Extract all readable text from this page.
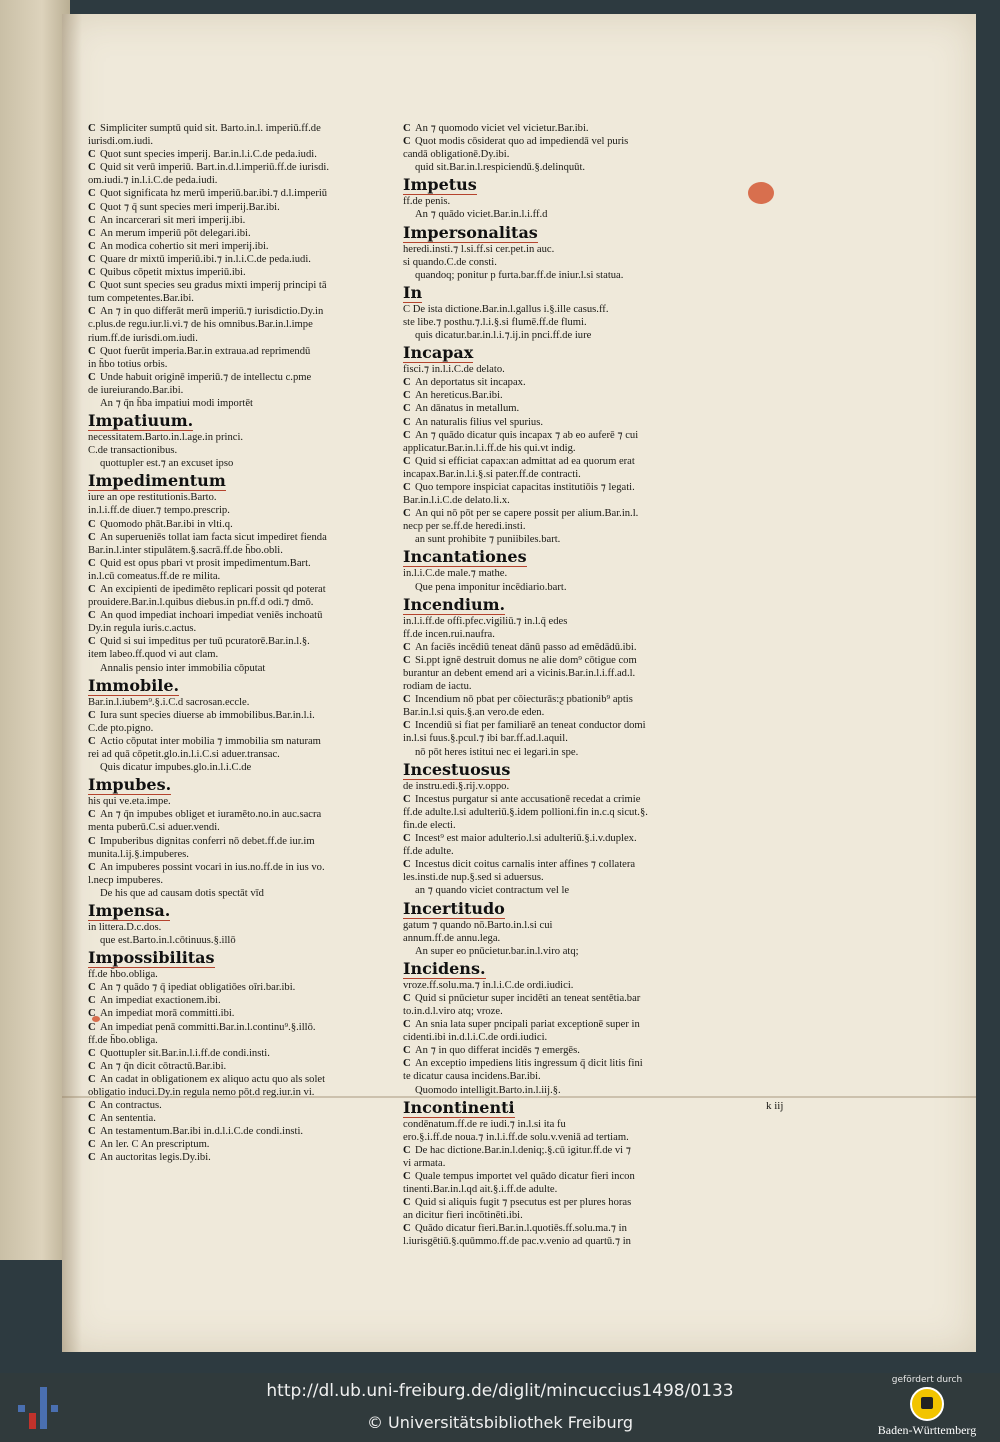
k iij
C Simpliciter sumptū quid sit. Barto.in.l. imperiū.ff.de
iurisdi.om.iudi.
C Quot sunt species imperij. Bar.in.l.i.C.de peda.iudi.
C Quid sit verū imperiū. Bart.in.d.l.imperiū.ff.de iurisdi.
om.iudi.⁊ in.l.i.C.de peda.iudi.
C Quot significata hz merū imperiū.bar.ibi.⁊ d.l.imperiū
C Quot ⁊ q̄ sunt species meri imperij.Bar.ibi.
C An incarcerari sit meri imperij.ibi.
C An merum imperiū pōt delegari.ibi.
C An modica cohertio sit meri imperij.ibi.
C Quare dr mixtū imperiū.ibi.⁊ in.l.i.C.de peda.iudi.
C Quibus cōpetit mixtus imperiū.ibi.
C Quot sunt species seu gradus mixti imperij principi tā
tum competentes.Bar.ibi.
C An ⁊ in quo differāt merū imperiū.⁊ iurisdictio.Dy.in
c.plus.de regu.iur.li.vi.⁊ de his omnibus.Bar.in.l.impe
rium.ff.de iurisdi.om.iudi.
C Quot fuerūt imperia.Bar.in extraua.ad reprimendū
in h̄bo totius orbis.
C Unde habuit originē imperiū.⁊ de intellectu c.pme
de iureiurando.Bar.ibi.
An ⁊ q̄n h̄ba impatiui modi importēt
Impatiuum.
necessitatem.Barto.in.l.age.in princi.
C.de transactionibus.
quottupler est.⁊ an excuset ipso
Impedimentum
iure an ope restitutionis.Barto.
in.l.i.ff.de diuer.⁊ tempo.prescrip.
C Quomodo phāt.Bar.ibi in vlti.q.
C An superueniēs tollat iam facta sicut impediret fienda
Bar.in.l.inter stipulātem.§.sacrā.ff.de h̄bo.obli.
C Quid est opus pbari vt prosit impedimentum.Bart.
in.l.cū comeatus.ff.de re milita.
C An excipienti de ipedimēto replicari possit qd poterat
prouidere.Bar.in.l.quibus diebus.in pn.ff.d odi.⁊ dmō.
C An quod impediat inchoari impediat veniēs inchoatū
Dy.in regula iuris.c.actus.
C Quid si sui impeditus per tuū pcuratorē.Bar.in.l.§.
item labeo.ff.quod vi aut clam.
Annalis pensio inter immobilia cōputat
Immobile.
Bar.in.l.iubem⁹.§.i.C.d sacrosan.eccle.
C Iura sunt species diuerse ab immobilibus.Bar.in.l.i.
C.de pto.pigno.
C Actio cōputat inter mobilia ⁊ immobilia sm naturam
rei ad quā cōpetit.glo.in.l.i.C.si aduer.transac.
Quis dicatur impubes.glo.in.l.i.C.de
Impubes.
his qui ve.eta.impe.
C An ⁊ q̄n impubes obliget et iuramēto.no.in auc.sacra
menta puberū.C.si aduer.vendi.
C Impuberibus dignitas conferri nō debet.ff.de iur.im
munita.l.ij.§.impuberes.
C An impuberes possint vocari in ius.no.ff.de in ius vo.
l.necp impuberes.
De his que ad causam dotis spectāt vīd
Impensa.
in littera.D.c.dos.
que est.Barto.in.l.cōtinuus.§.illō
Impossibilitas
ff.de h̄bo.obliga.
C An ⁊ quādo ⁊ q̄ ipediat obligatiōes oīri.bar.ibi.
C An impediat exactionem.ibi.
C An impediat morā committi.ibi.
C An impediat penā committi.Bar.in.l.continu⁹.§.illō.
ff.de h̄bo.obliga.
C Quottupler sit.Bar.in.l.i.ff.de condi.insti.
C An ⁊ q̄n dicit cōtractū.Bar.ibi.
C An cadat in obligationem ex aliquo actu quo als solet
obligatio induci.Dy.in regula nemo pōt.d reg.iur.in vi.
C An contractus.
C An sententia.
C An testamentum.Bar.ibi in.d.l.i.C.de condi.insti.
C An ler. C An prescriptum.
C An auctoritas legis.Dy.ibi.
C An ⁊ quomodo viciet vel vicietur.Bar.ibi.
C Quot modis cōsiderat quo ad impediendā vel puris
candā obligationē.Dy.ibi.
quid sit.Bar.in.l.respiciendū.§.delinquūt.
Impetus
ff.de penis.
An ⁊ quādo viciet.Bar.in.l.i.ff.d
Impersonalitas
heredi.insti.⁊ l.si.ff.si cer.pet.in auc.
si quando.C.de consti.
quandoq; ponitur p furta.bar.ff.de iniur.l.si statua.
In
C De ista dictione.Bar.in.l.gallus i.§.ille casus.ff.
ste libe.⁊ posthu.⁊.l.i.§.si flumē.ff.de flumi.
quis dicatur.bar.in.l.i.⁊.ij.in pnci.ff.de iure
Incapax
fisci.⁊ in.l.i.C.de delato.
C An deportatus sit incapax.
C An hereticus.Bar.ibi.
C An dānatus in metallum.
C An naturalis filius vel spurius.
C An ⁊ quādo dicatur quis incapax ⁊ ab eo auferē ⁊ cui
applicatur.Bar.in.l.i.ff.de his qui.vt indig.
C Quid si efficiat capax:an admittat ad ea quorum erat
incapax.Bar.in.l.i.§.si pater.ff.de contracti.
C Quo tempore inspiciat capacitas institutiōis ⁊ legati.
Bar.in.l.i.C.de delato.li.x.
C An qui nō pōt per se capere possit per alium.Bar.in.l.
necp per se.ff.de heredi.insti.
an sunt prohibite ⁊ puniibiles.bart.
Incantationes
in.l.i.C.de male.⁊ mathe.
Que pena imponitur incēdiario.bart.
Incendium.
in.l.i.ff.de offi.pfec.vigiliū.⁊ in.l.q̄ edes
ff.de incen.rui.naufra.
C An faciēs incēdiū teneat dānū passo ad emēdādū.ibi.
C Si.ppt ignē destruit domus ne alie dom⁹ cōtigue com
burantur an debent emend ari a vicinis.Bar.in.l.i.ff.ad.l.
rodiam de iactu.
C Incendium nō pbat per cōiecturās:ƺ pbationib⁹ aptis
Bar.in.l.si quis.§.an vero.de eden.
C Incendiū si fiat per familiarē an teneat conductor domi
in.l.si fuus.§.pcul.⁊ ibi bar.ff.ad.l.aquil.
nō pōt heres istitui nec ei legari.in spe.
Incestuosus
de instru.edi.§.rij.v.oppo.
C Incestus purgatur si ante accusationē recedat a crimie
ff.de adulte.l.si adulteriū.§.idem pollioni.fin in.c.q sicut.§.
fin.de electi.
C Incest⁹ est maior adulterio.l.si adulteriū.§.i.v.duplex.
ff.de adulte.
C Incestus dicit coitus carnalis inter affines ⁊ collatera
les.insti.de nup.§.sed si aduersus.
an ⁊ quando viciet contractum vel le
Incertitudo
gatum ⁊ quando nō.Barto.in.l.si cui
annum.ff.de annu.lega.
An super eo pnūcietur.bar.in.l.viro atq;
Incidens.
vroze.ff.solu.ma.⁊ in.l.i.C.de ordi.iudici.
C Quid si pnūcietur super incidēti an teneat sentētia.bar
to.in.d.l.viro atq; vroze.
C An snia lata super pncipali pariat exceptionē super in
cidenti.ibi in.d.l.i.C.de ordi.iudici.
C An ⁊ in quo differat incidēs ⁊ emergēs.
C An exceptio impediens litis ingressum q̄ dicit litis fini
te dicatur causa incidens.Bar.ibi.
Quomodo intelligit.Barto.in.l.iij.§.
Incontinenti
condēnatum.ff.de re iudi.⁊ in.l.si ita fu
ero.§.i.ff.de noua.⁊ in.l.i.ff.de solu.v.veniā ad tertiam.
C De hac dictione.Bar.in.l.deniq;.§.cū igitur.ff.de vi ⁊
vi armata.
C Quale tempus importet vel quādo dicatur fieri incon
tinenti.Bar.in.l.qd ait.§.i.ff.de adulte.
C Quid si aliquis fugit ⁊ psecutus est per plures horas
an dicitur fieri incōtinēti.ibi.
C Quādo dicatur fieri.Bar.in.l.quotiēs.ff.solu.ma.⁊ in
l.iurisgētiū.§.quūmmo.ff.de pac.v.venio ad quartū.⁊ in
http://dl.ub.uni-freiburg.de/diglit/mincuccius1498/0133
© Universitätsbibliothek Freiburg
gefördert durch
Baden-Württemberg
